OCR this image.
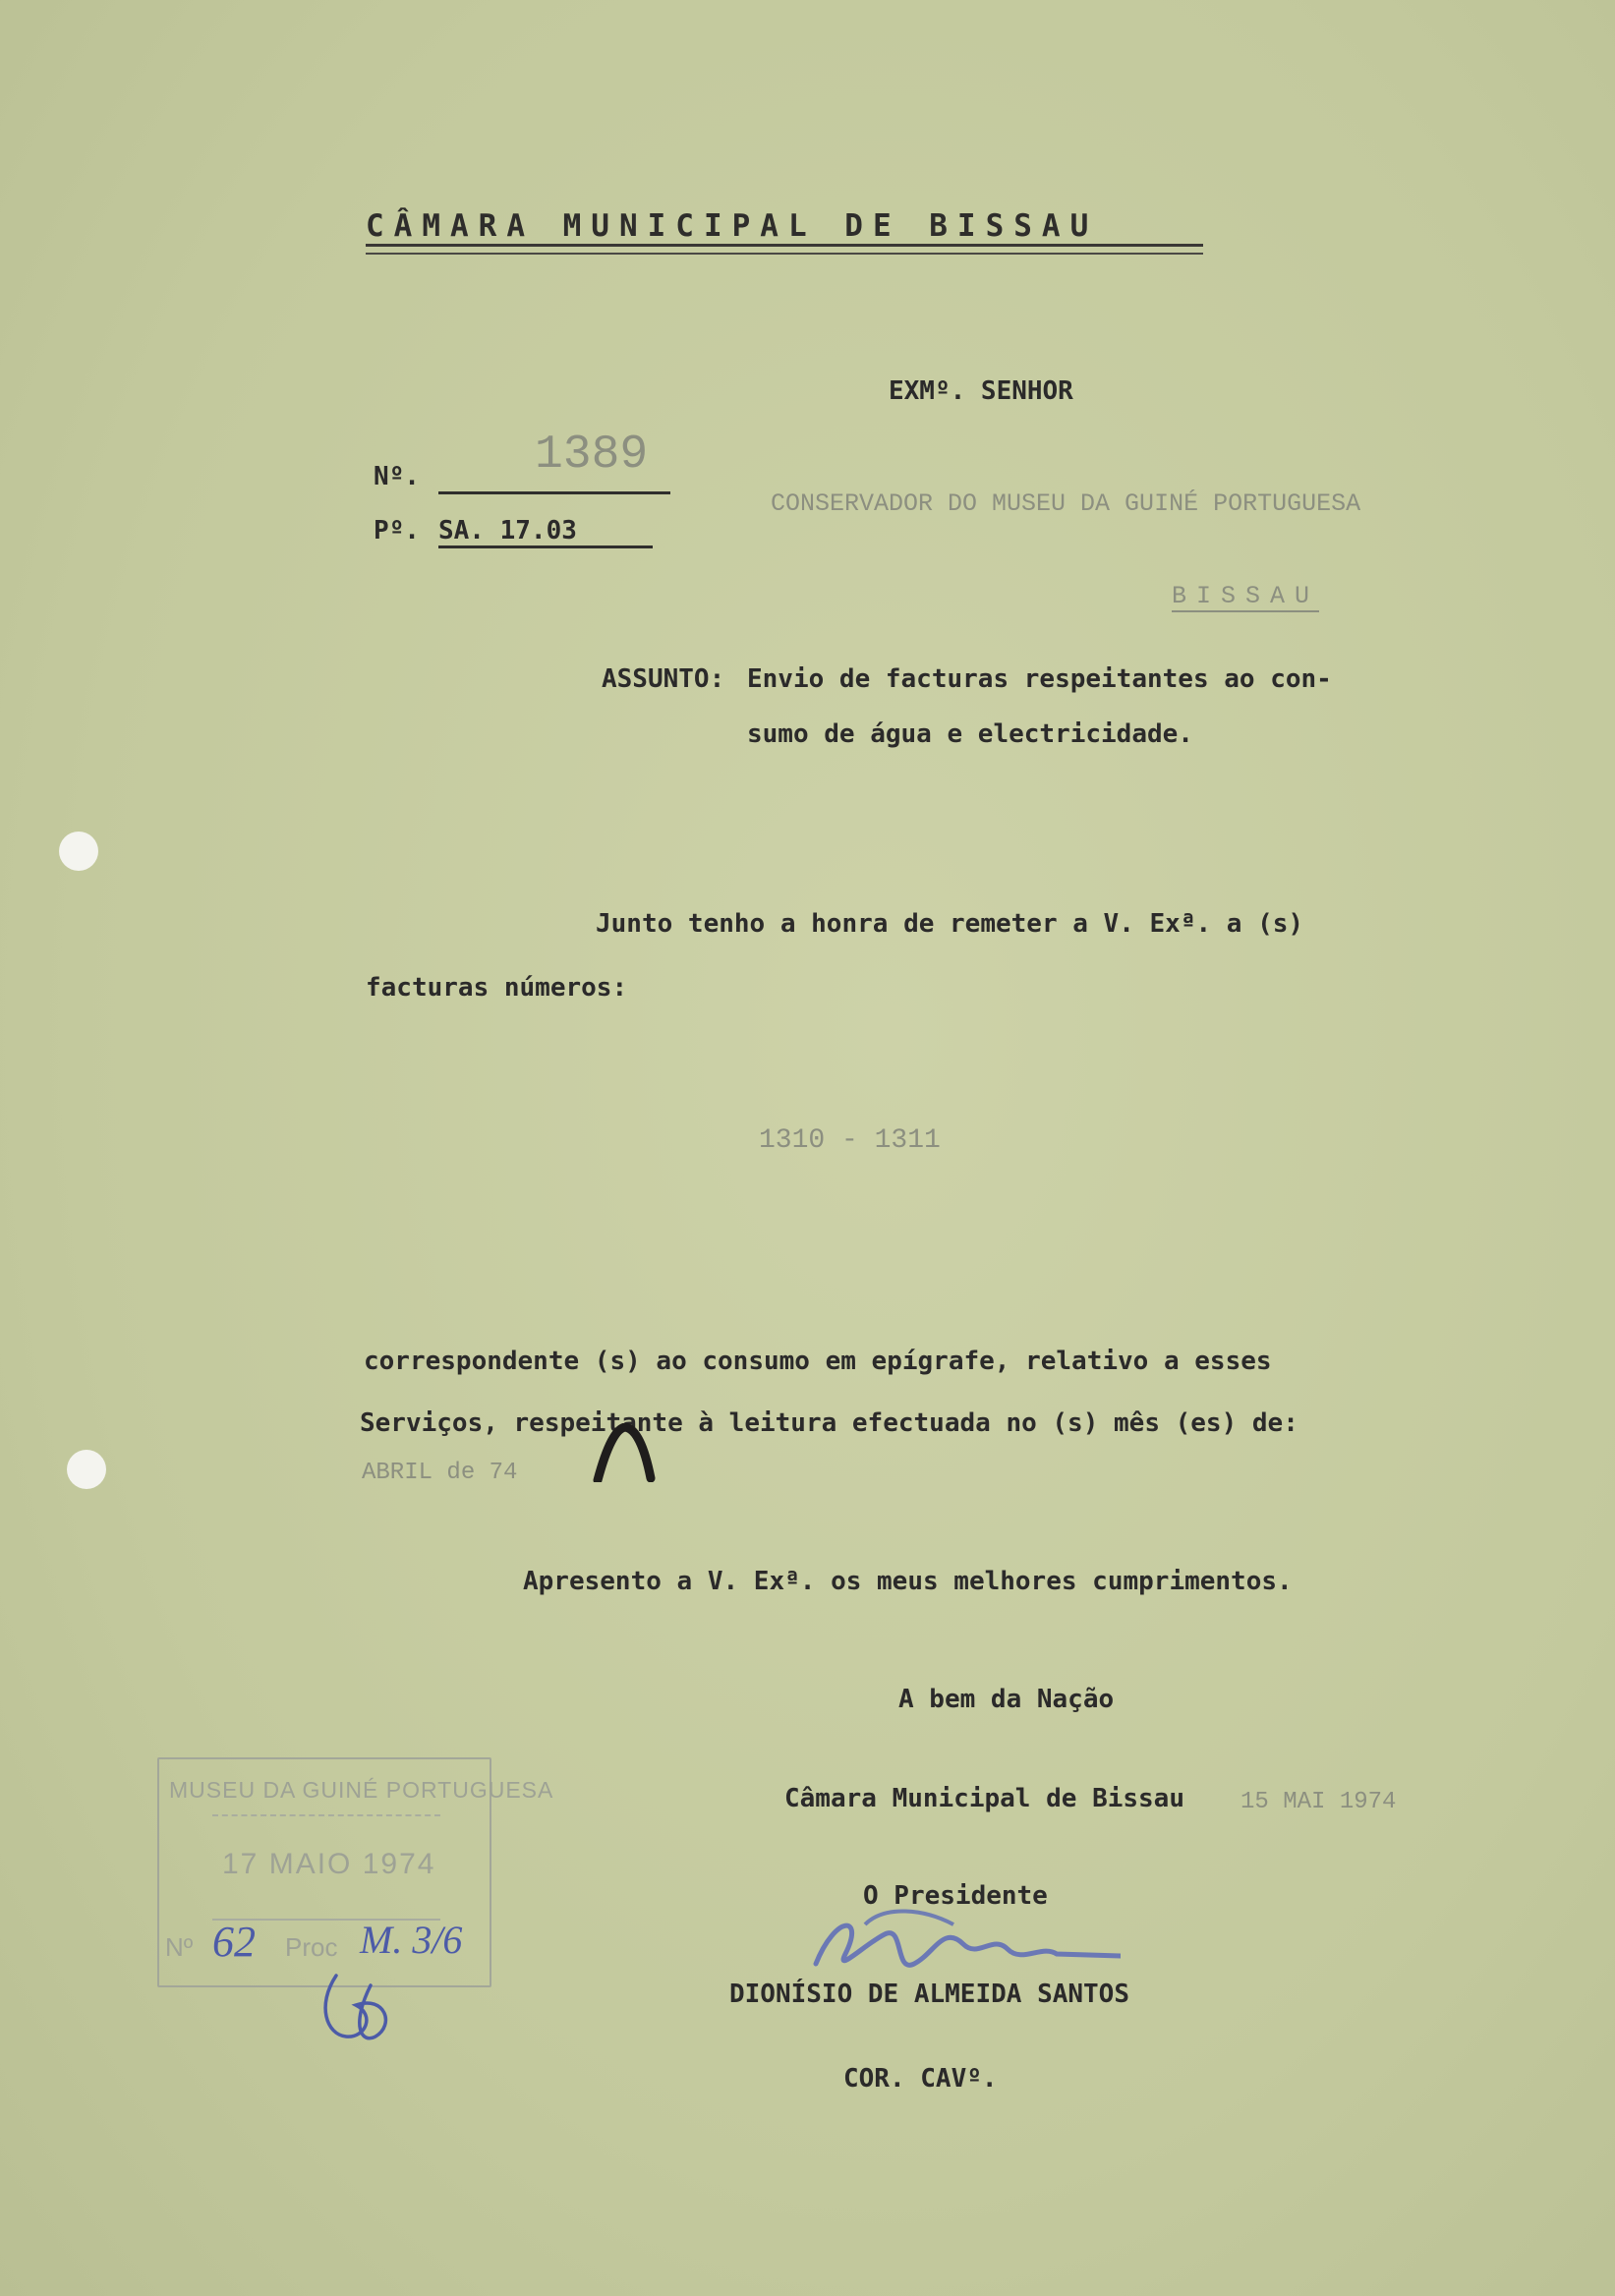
CÂMARA MUNICIPAL DE BISSAU
EXMº. SENHOR
Nº. 1389
Pº. SA. 17.03
CONSERVADOR DO MUSEU DA GUINÉ PORTUGUESA
BISSAU
ASSUNTO: Envio de facturas respeitantes ao con-
sumo de água e electricidade.
Junto tenho a honra de remeter a V. Exª. a (s)
facturas números:
1310 - 1311
correspondente (s) ao consumo em epígrafe, relativo a esses
Serviços, respeitante à leitura efectuada no (s) mês (es) de:
ABRIL de 74
Apresento a V. Exª. os meus melhores cumprimentos.
A bem da Nação
Câmara Municipal de Bissau 15 MAI 1974
O Presidente
DIONÍSIO DE ALMEIDA SANTOS
COR. CAVº.
MUSEU DA GUINÉ PORTUGUESA
17 MAIO 1974
Nº 62 Proc M. 3/6
